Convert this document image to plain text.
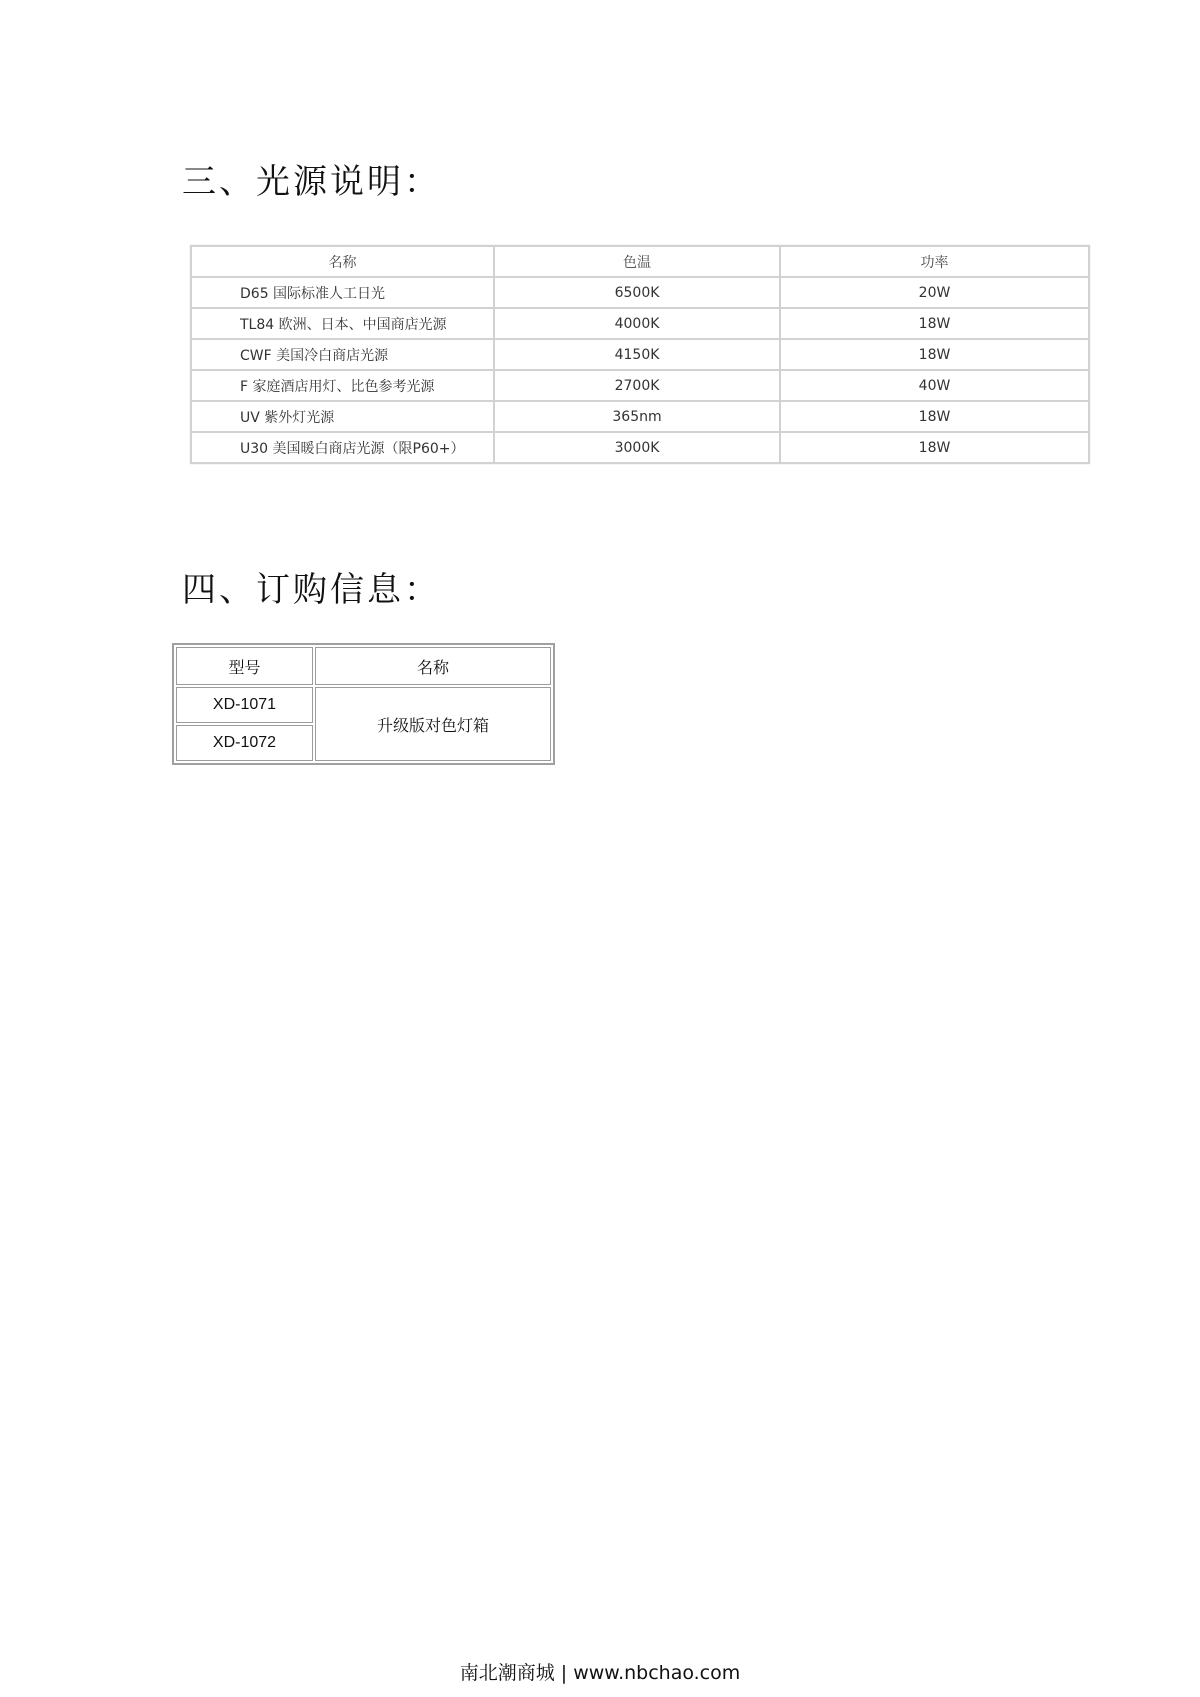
三、光源说明：
名称	色温	功率
D65 国际标准人工日光	6500K	20W
TL84 欧洲、日本、中国商店光源	4000K	18W
CWF 美国冷白商店光源	4150K	18W
F 家庭酒店用灯、比色参考光源	2700K	40W
UV 紫外灯光源	365nm	18W
U30 美国暖白商店光源（限P60+）	3000K	18W
四、订购信息：
型号	名称
XD-1071	升级版对色灯箱
XD-1072	
南北潮商城 | www.nbchao.com
